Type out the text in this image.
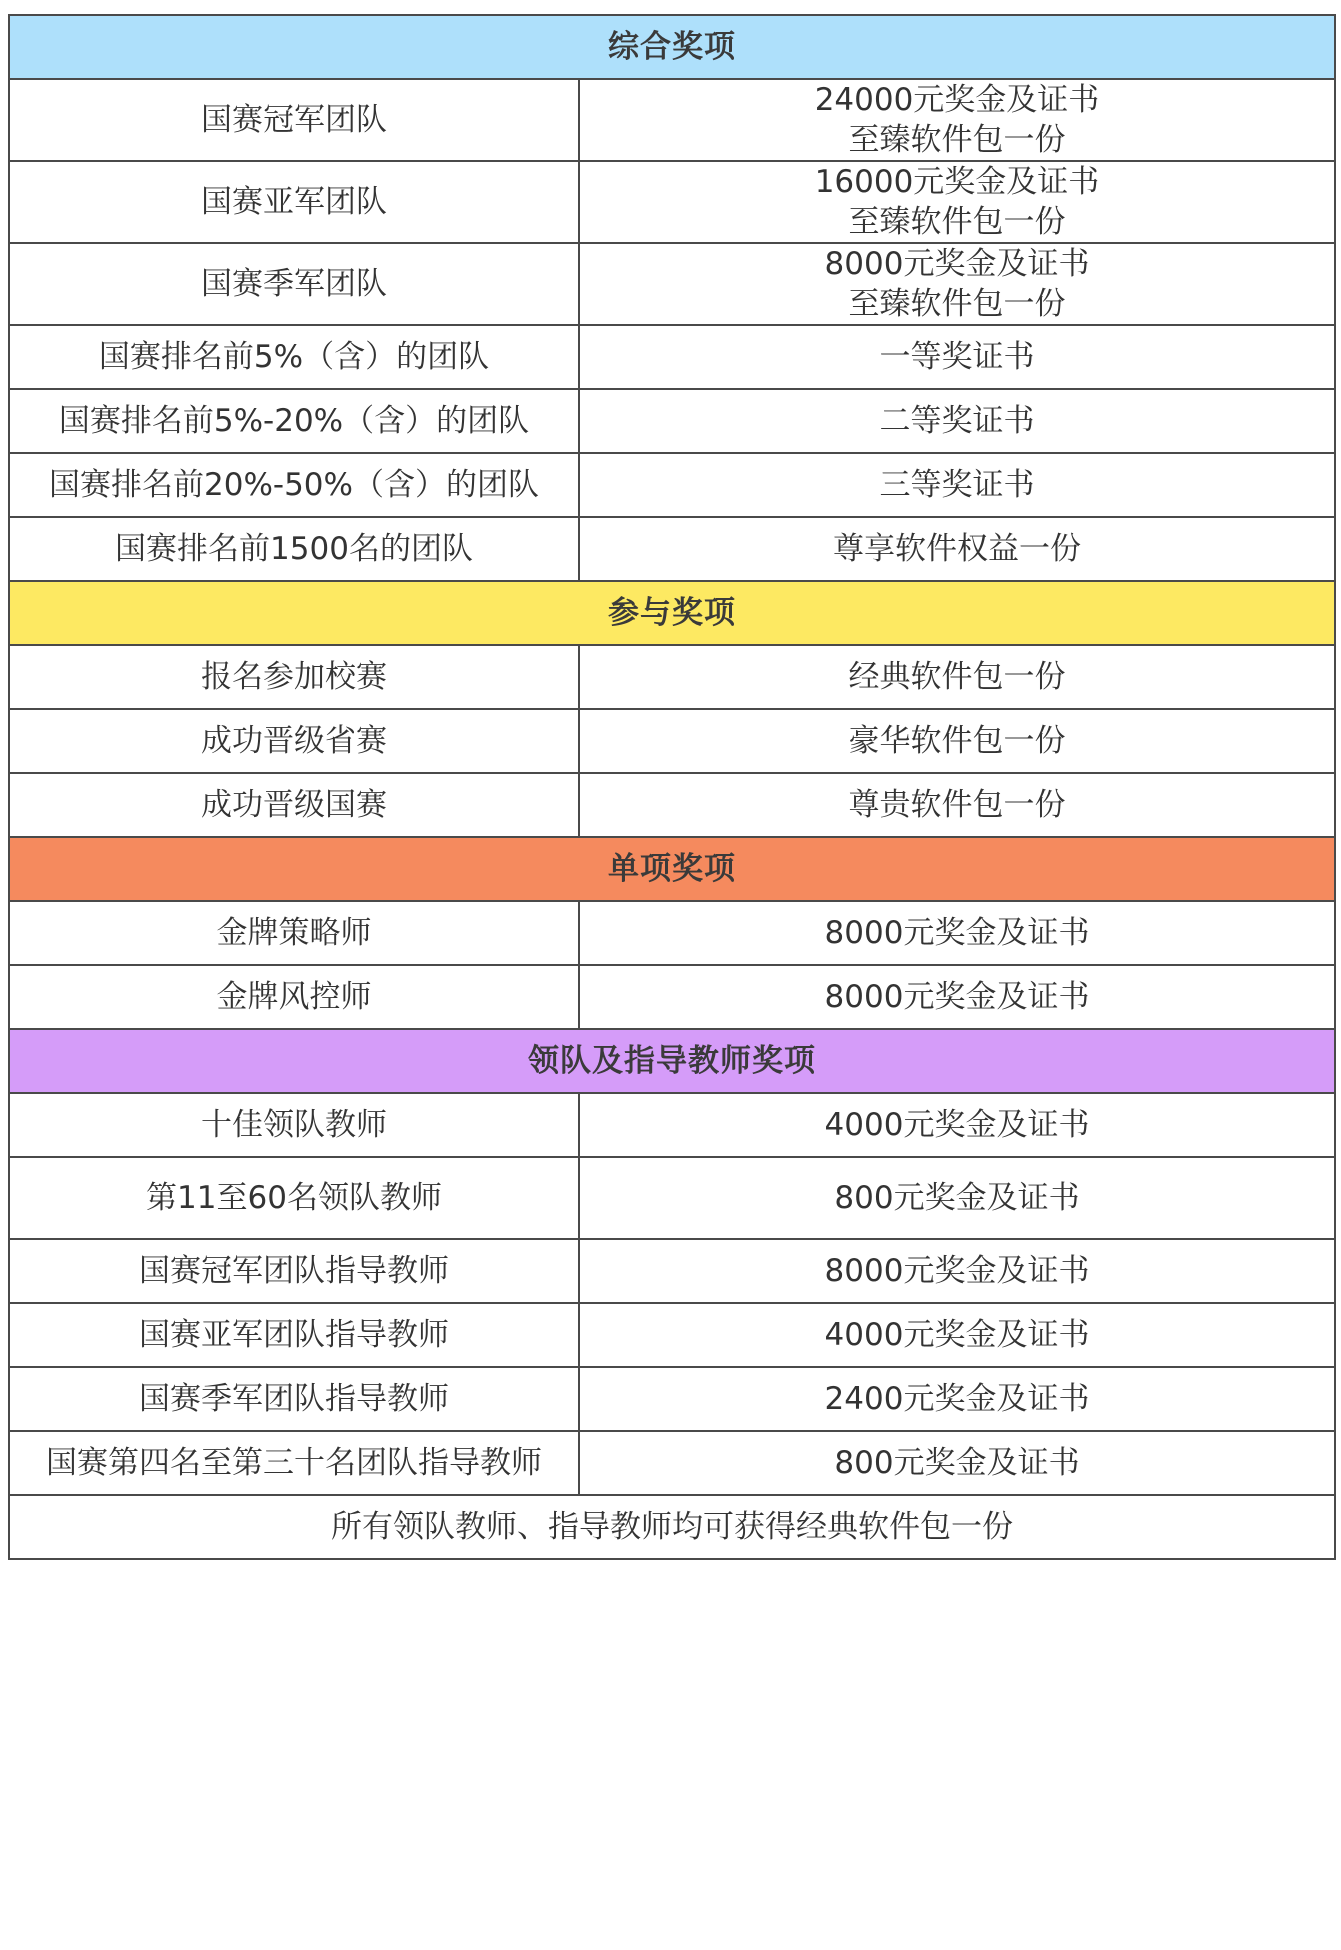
综合奖项	
国赛冠军团队	24000元奖金及证书
至臻软件包一份

国赛亚军团队	16000元奖金及证书
至臻软件包一份

国赛季军团队	8000元奖金及证书
至臻软件包一份

国赛排名前5%（含）的团队	一等奖证书

国赛排名前5%-20%（含）的团队	二等奖证书

国赛排名前20%-50%（含）的团队	三等奖证书

国赛排名前1500名的团队	尊享软件权益一份

参与奖项	
报名参加校赛	经典软件包一份

成功晋级省赛	豪华软件包一份

成功晋级国赛	尊贵软件包一份

单项奖项	
金牌策略师	8000元奖金及证书

金牌风控师	8000元奖金及证书

领队及指导教师奖项	
十佳领队教师	4000元奖金及证书

第11至60名领队教师	800元奖金及证书

国赛冠军团队指导教师	8000元奖金及证书

国赛亚军团队指导教师	4000元奖金及证书

国赛季军团队指导教师	2400元奖金及证书

国赛第四名至第三十名团队指导教师	800元奖金及证书

所有领队教师、指导教师均可获得经典软件包一份	
